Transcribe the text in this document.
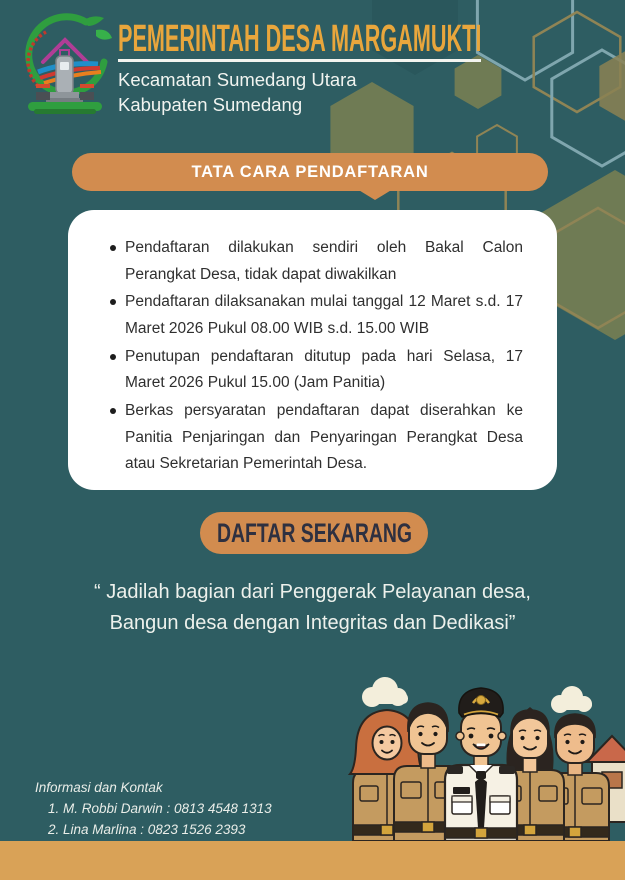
PEMERINTAH DESA MARGAMUKTI
Kecamatan Sumedang Utara
Kabupaten Sumedang
TATA CARA PENDAFTARAN
Pendaftaran dilakukan sendiri oleh Bakal Calon Perangkat Desa, tidak dapat diwakilkan
Pendaftaran dilaksanakan mulai tanggal 12 Maret s.d. 17 Maret 2026 Pukul 08.00 WIB s.d. 15.00 WIB
Penutupan pendaftaran ditutup pada hari Selasa, 17 Maret 2026 Pukul 15.00 (Jam Panitia)
Berkas persyaratan pendaftaran dapat diserahkan ke Panitia Penjaringan dan Penyaringan Perangkat Desa atau Sekretarian Pemerintah Desa.
DAFTAR SEKARANG
“ Jadilah bagian dari Penggerak Pelayanan desa,
Bangun desa dengan Integritas dan Dedikasi”
Informasi dan Kontak
1. M. Robbi Darwin : 0813 4548 1313
2. Lina Marlina : 0823 1526 2393
